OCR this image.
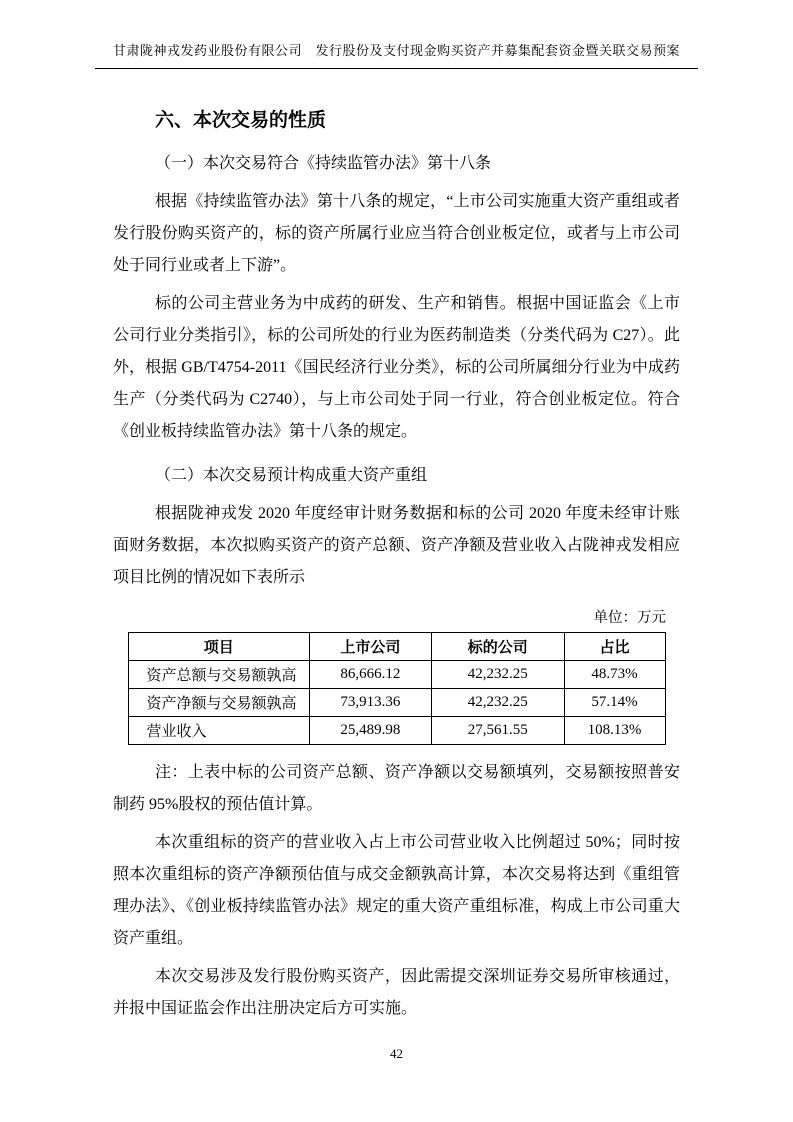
甘肃陇神戎发药业股份有限公司　发行股份及支付现金购买资产并募集配套资金暨关联交易预案
六、本次交易的性质
（一）本次交易符合《持续监管办法》第十八条

根据《持续监管办法》第十八条的规定，“上市公司实施重大资产重组或者发行股份购买资产的，标的资产所属行业应当符合创业板定位，或者与上市公司处于同行业或者上下游”。

标的公司主营业务为中成药的研发、生产和销售。根据中国证监会《上市公司行业分类指引》，标的公司所处的行业为医药制造类（分类代码为 C27）。此外，根据 GB/T4754-2011《国民经济行业分类》，标的公司所属细分行业为中成药生产（分类代码为 C2740），与上市公司处于同一行业，符合创业板定位。符合《创业板持续监管办法》第十八条的规定。

（二）本次交易预计构成重大资产重组

根据陇神戎发 2020 年度经审计财务数据和标的公司 2020 年度未经审计账面财务数据，本次拟购买资产的资产总额、资产净额及营业收入占陇神戎发相应项目比例的情况如下表所示

单位：万元
项目	上市公司	标的公司	占比
资产总额与交易额孰高	86,666.12	42,232.25	48.73%
资产净额与交易额孰高	73,913.36	42,232.25	57.14%
营业收入	25,489.98	27,561.55	108.13%

注：上表中标的公司资产总额、资产净额以交易额填列，交易额按照普安制药 95%股权的预估值计算。

本次重组标的资产的营业收入占上市公司营业收入比例超过 50%；同时按照本次重组标的资产净额预估值与成交金额孰高计算，本次交易将达到《重组管理办法》、《创业板持续监管办法》规定的重大资产重组标准，构成上市公司重大资产重组。

本次交易涉及发行股份购买资产，因此需提交深圳证券交易所审核通过，并报中国证监会作出注册决定后方可实施。

42
